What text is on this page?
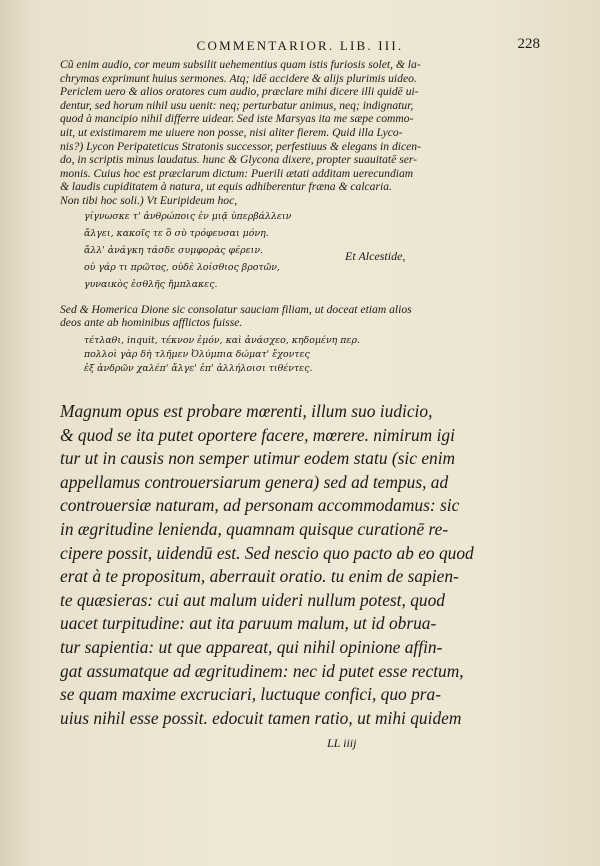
COMMENTARIOR. LIB. III.	228
Cũ enim audio, cor meum subsilit uehementius quam istis furiosis solet, & la-
chrymas exprimunt huius sermones. Atq; idē accidere & alijs plurimis uideo.
Periclem uero & alios oratores cum audio, præclare mihi dicere illi quidē ui-
dentur, sed horum nihil usu uenit: neq; perturbatur animus, neq; indignatur,
quod à mancipio nihil differre uidear. Sed iste Marsyas ita me sæpe commo-
uit, ut existimarem me uiuere non posse, nisi aliter fierem. Quid illa Lyco-
nis?) Lycon Peripateticus Stratonis successor, perfestiuus & elegans in dicen-
do, in scriptis minus laudatus. hunc & Glycona dixere, propter suauitatē ser-
monis. Cuius hoc est præclarum dictum: Puerili ætati additam uerecundiam
& laudis cupiditatem à natura, ut equis adhiberentur fræna & calcaria.
Non tibi hoc soli.) Vt Euripideum hoc,
γίγνωσκε τ' ἀνθρώποις ἐν μιᾷ ὑπερβάλλειν
ἄλγει, κακοῖς τε ὃ σὺ τρόφευσαι μόνη.
ἄλλ' ἀνάγκη τάσδε συμφορὰς φέρειν.
οὐ γάρ τι πρῶτος, οὐδὲ λοίσθιος βροτῶν,
γυναικὸς ἐσθλῆς ἤμπλακες.
Et Alcestide,
Sed & Homerica Dione sic consolatur sauciam filiam, ut doceat etiam alios
deos ante ab hominibus afflictos fuisse.
τέτλαθι, inquit, τέκνον ἐμόν, καὶ ἀνάσχεο, κηδομένη περ.
πολλοὶ γὰρ δὴ τλῆμεν Ὀλύμπια δώματ' ἔχοντες
ἐξ ἀνδρῶν χαλέπ' ἄλγε' ἐπ' ἀλλήλοισι τιθέντες.
Magnum opus est probare mœrenti, illum suo iudicio,
& quod se ita putet oportere facere, mœrere. nimirum igi
tur ut in causis non semper utimur eodem statu (sic enim
appellamus controuersiarum genera) sed ad tempus, ad
controuersiæ naturam, ad personam accommodamus: sic
in ægritudine lenienda, quamnam quisque curationē re-
cipere possit, uidendū est. Sed nescio quo pacto ab eo quod
erat à te propositum, aberrauit oratio. tu enim de sapien-
te quæsieras: cui aut malum uideri nullum potest, quod
uacet turpitudine: aut ita paruum malum, ut id obrua-
tur sapientia: ut que appareat, qui nihil opinione affin-
gat assumatque ad ægritudinem: nec id putet esse rectum,
se quam maxime excruciari, luctuque confici, quo pra-
uius nihil esse possit. edocuit tamen ratio, ut mihi quidem
LL iiij
